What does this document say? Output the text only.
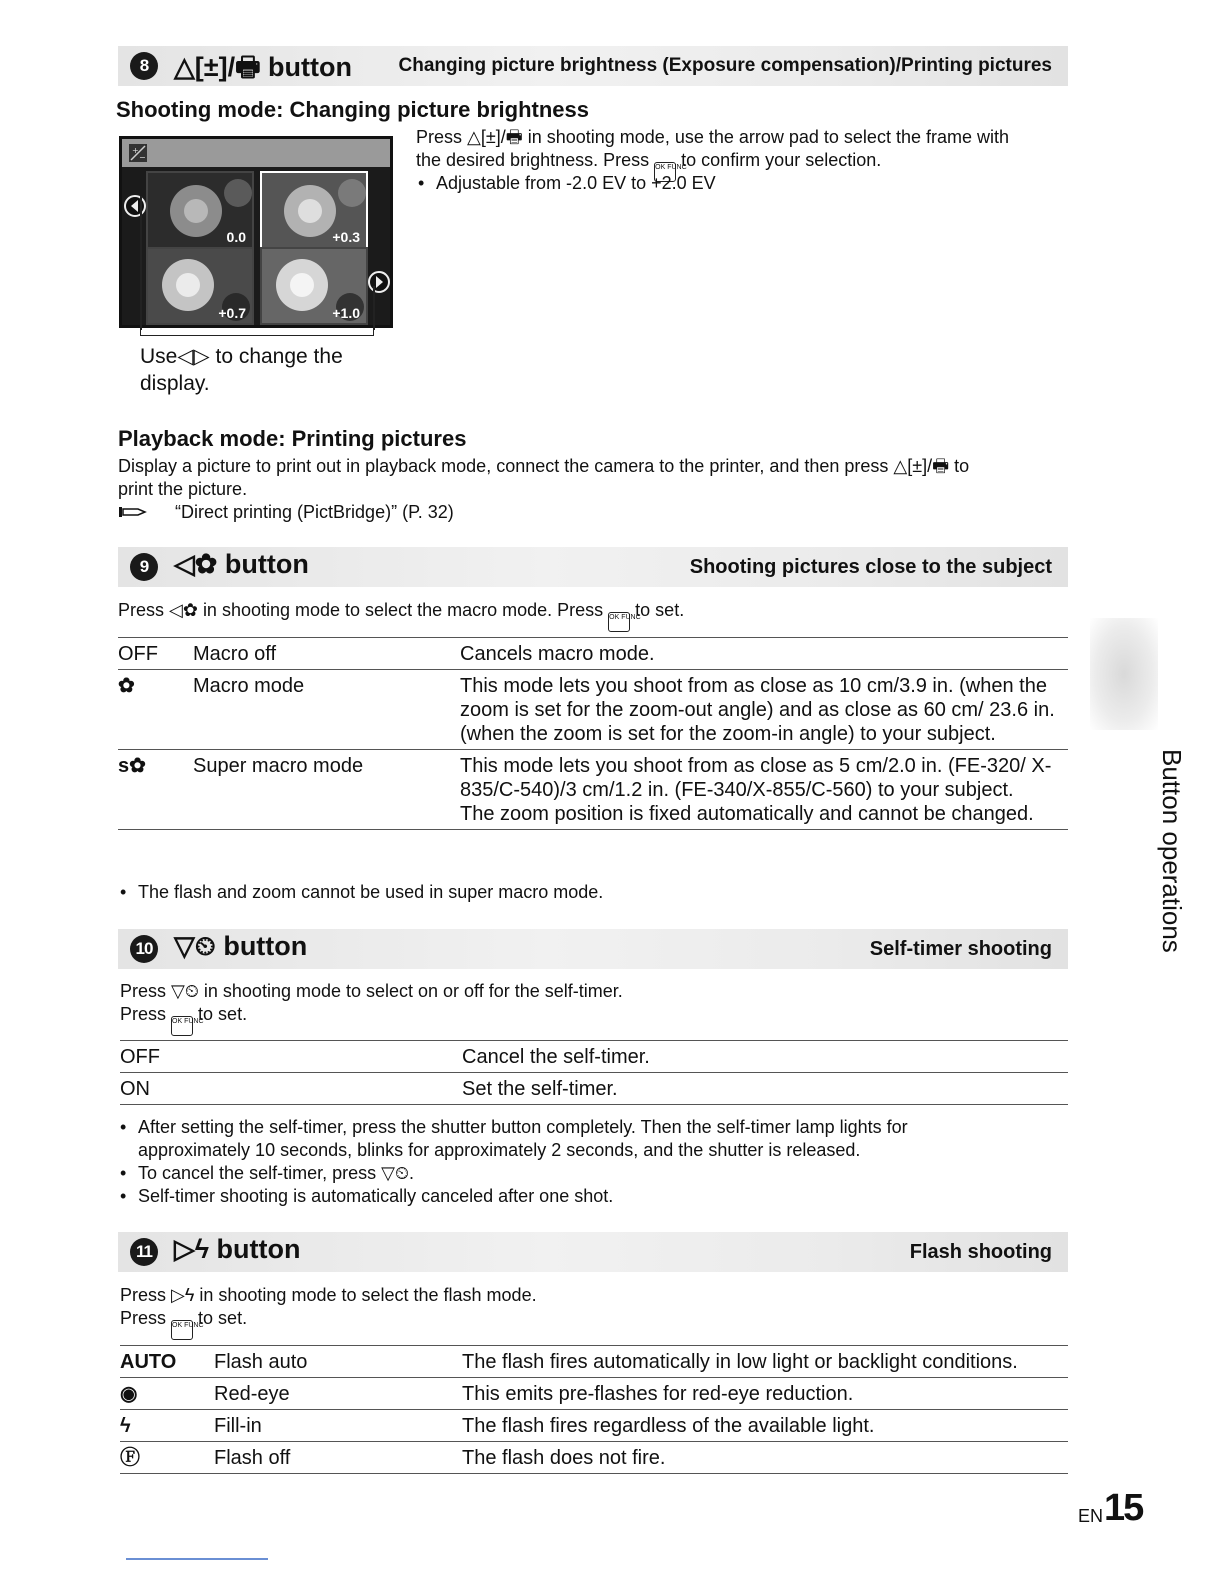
8 △[±]/🖶 button Changing picture brightness (Exposure compensation)/Printing pictures
Shooting mode: Changing picture brightness
Press △[±]/🖶 in shooting mode, use the arrow pad to select the frame with
the desired brightness. Press OK FUNC to confirm your selection.
• Adjustable from -2.0 EV to +2.0 EV
+
−
0.0	+0.3
+0.7	+1.0
Use◁▷ to change the
display.
Playback mode: Printing pictures
Display a picture to print out in playback mode, connect the camera to the printer, and then press △[±]/🖶 to
print the picture.
“Direct printing (PictBridge)” (P. 32)
9 ◁✿ button	Shooting pictures close to the subject
Press ◁✿ in shooting mode to select the macro mode. Press OK FUNC to set.
OFF	Macro off	Cancels macro mode.
✿	Macro mode	This mode lets you shoot from as close as 10 cm/3.9 in. (when the zoom is set for the zoom-out angle) and as close as 60 cm/ 23.6 in. (when the zoom is set for the zoom-in angle) to your subject.
s✿	Super macro mode	This mode lets you shoot from as close as 5 cm/2.0 in. (FE-320/ X-835/C-540)/3 cm/1.2 in. (FE-340/X-855/C-560) to your subject.
The zoom position is fixed automatically and cannot be changed.
• The flash and zoom cannot be used in super macro mode.
10 ▽⏲ button	Self-timer shooting
Press ▽⏲ in shooting mode to select on or off for the self-timer.
Press OK FUNC to set.
OFF	Cancel the self-timer.
ON	Set the self-timer.
• After setting the self-timer, press the shutter button completely. Then the self-timer lamp lights for approximately 10 seconds, blinks for approximately 2 seconds, and the shutter is released.
• To cancel the self-timer, press ▽⏲.
• Self-timer shooting is automatically canceled after one shot.
11 ▷ϟ button	Flash shooting
Press ▷ϟ in shooting mode to select the flash mode.
Press OK FUNC to set.
AUTO	Flash auto	The flash fires automatically in low light or backlight conditions.
◉	Red-eye	This emits pre-flashes for red-eye reduction.
ϟ	Fill-in	The flash fires regardless of the available light.
Ⓕ	Flash off	The flash does not fire.
Button operations
EN 15
